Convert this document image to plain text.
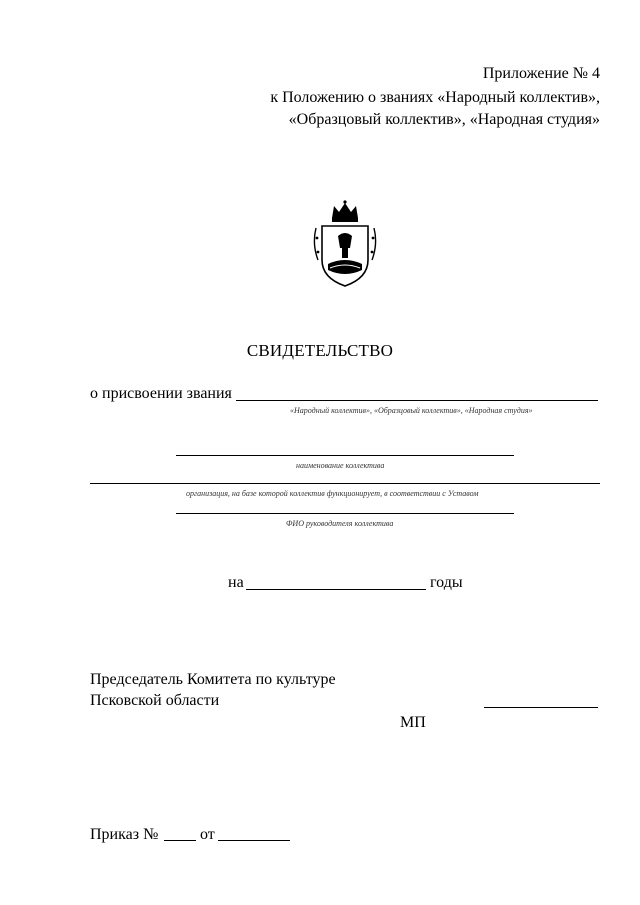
Приложение № 4
к Положению о званиях «Народный коллектив»,
«Образцовый коллектив», «Народная студия»
СВИДЕТЕЛЬСТВО
о присвоении звания
«Народный коллектив», «Образцовый коллектив», «Народная студия»
наименование коллектива
организация, на базе которой коллектив функционирует, в соответствии с Уставом
ФИО руководителя коллектива
на	годы
Председатель Комитета по культуре
Псковской области
МП
Приказ №	от
